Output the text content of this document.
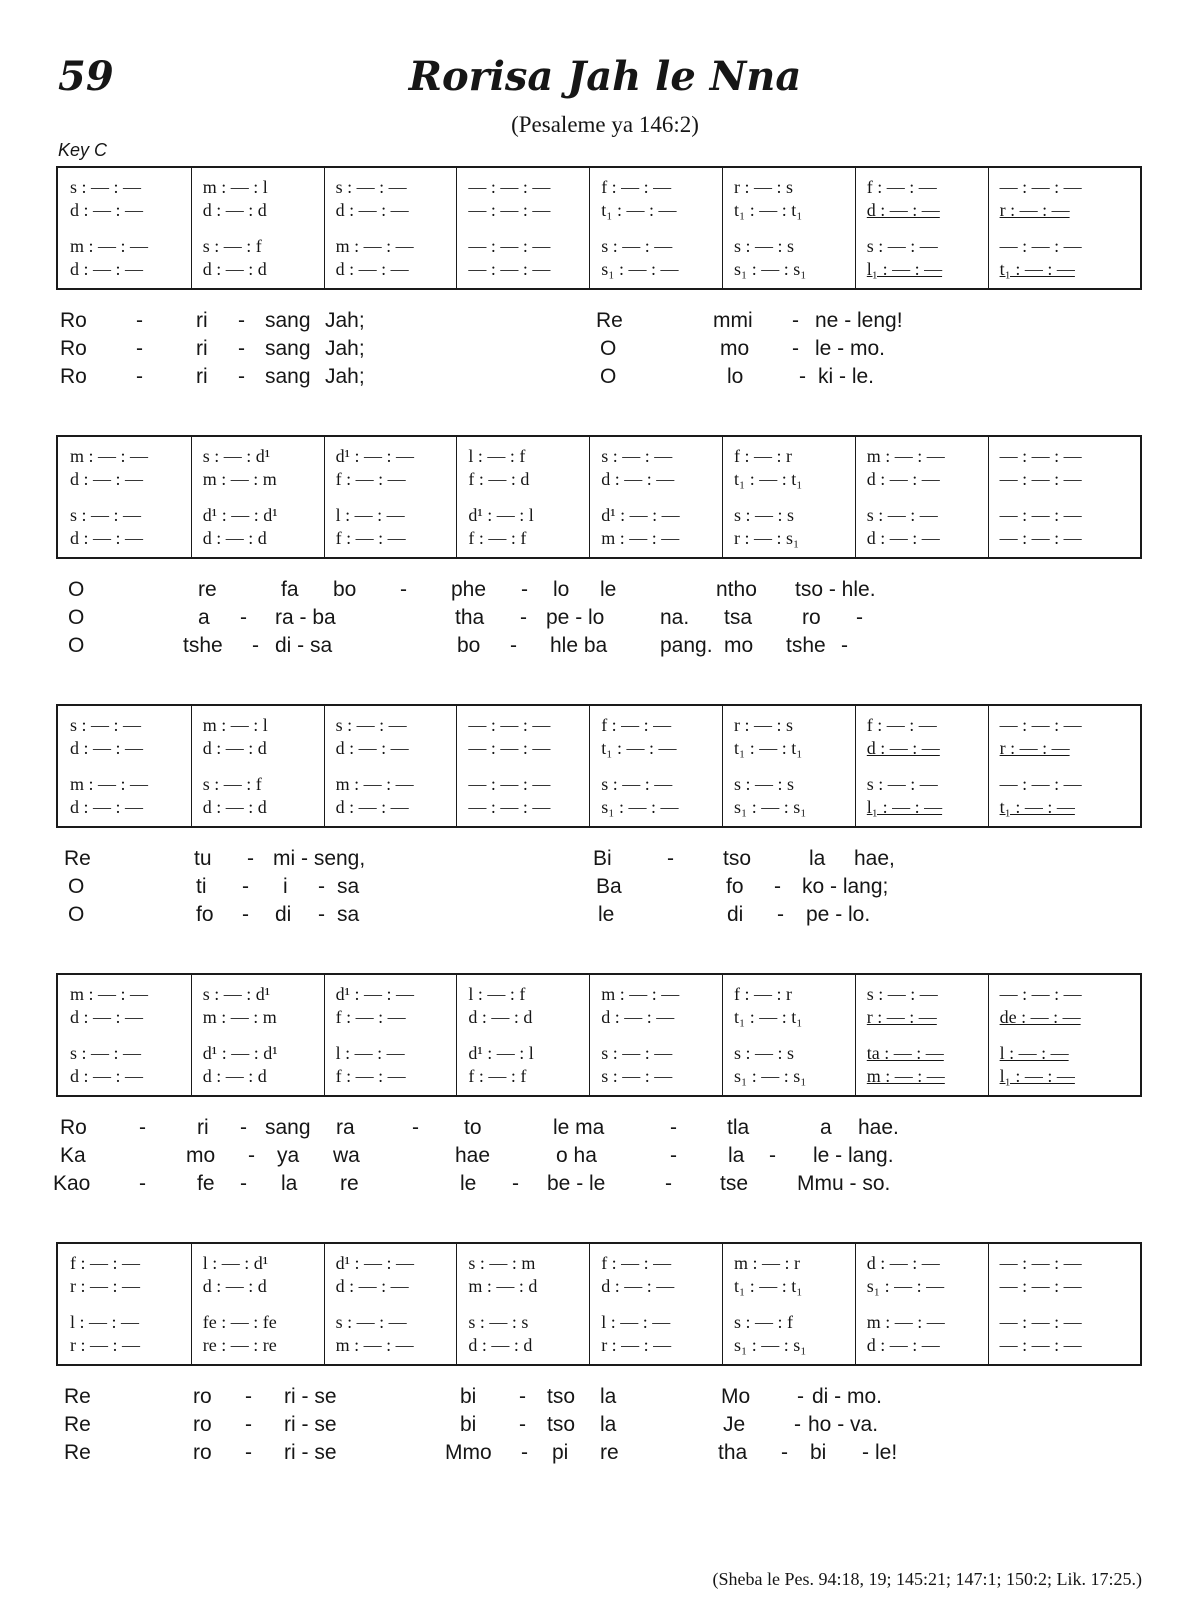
59	Rorisa Jah le Nna
(Pesaleme ya 146:2)
Key C
s : — : —	m : — : l	s : — : —	— : — : —	f : — : —	r : — : s	f : — : —	— : — : —
d : — : —	d : — : d	d : — : —	— : — : —	t₁ : — : —	t₁ : — : t₁	d : — : —	r : — : —
m : — : —	s : — : f	m : — : —	— : — : —	s : — : —	s : — : s	s : — : —	— : — : —
d : — : —	d : — : d	d : — : —	— : — : —	s₁ : — : —	s₁ : — : s₁	l₁ : — : —	t₁ : — : —
Ro -	ri - sang Jah;	Re	mmi - ne - leng!
Ro -	ri - sang Jah;	O	mo - le - mo.
Ro -	ri - sang Jah;	O	lo	- ki - le.
m : — : —	s : — : d¹	d¹ : — : —	l : — : f	s : — : —	f : — : r	m : — : —	— : — : —
d : — : —	m : — : m	f : — : —	f : — : d	d : — : —	t₁ : — : t₁	d : — : —	— : — : —
s : — : —	d¹ : — : d¹	l : — : —	d¹ : — : l	d¹ : — : —	s : — : s	s : — : —	— : — : —
d : — : —	d : — : d	f : — : —	f : — : f	m : — : —	r : — : s₁	d : — : —	— : — : —
O	re	fa bo - phe - lo le	ntho tso - hle.
O	a - ra - ba	tha - pe - lo	tsa ro -
na.
O	tshe - di - sa	bo - hle ba	mo tshe -
pang.
s : — : —	m : — : l	s : — : —	— : — : —	f : — : —	r : — : s	f : — : —	— : — : —
d : — : —	d : — : d	d : — : —	— : — : —	t₁ : — : —	t₁ : — : t₁	d : — : —	r : — : —
m : — : —	s : — : f	m : — : —	— : — : —	s : — : —	s : — : s	s : — : —	— : — : —
d : — : —	d : — : d	d : — : —	— : — : —	s₁ : — : —	s₁ : — : s₁	l₁ : — : —	t₁ : — : —
Re	tu - mi - seng,	Bi	- tso	la hae,
O	ti - i - sa	Ba	fo - ko - lang;
O	fo - di - sa	le	di - pe - lo.
m : — : —	s : — : d¹	d¹ : — : —	l : — : f	m : — : —	f : — : r	s : — : —	— : — : —
d : — : —	m : — : m	f : — : —	d : — : d	d : — : —	t₁ : — : t₁	r : — : —	de : — : —
s : — : —	d¹ : — : d¹	l : — : —	d¹ : — : l	s : — : —	s : — : s	ta : — : —	l : — : —
d : — : —	d : — : d	f : — : —	f : — : f	s : — : —	s₁ : — : s₁	m : — : —	l₁ : — : —
Ro - ri - sang ra	- to	le ma	- tla	a hae.
Ka	mo - ya wa	hae	o ha	- la - le - lang.
Kao - fe - la re	le - be - le	- tse Mmu - so.
f : — : —	l : — : d¹	d¹ : — : —	s : — : m	f : — : —	m : — : r	d : — : —	— : — : —
r : — : —	d : — : d	d : — : —	m : — : d	d : — : —	t₁ : — : t₁	s₁ : — : —	— : — : —
l : — : —	fe : — : fe	s : — : —	s : — : s	l : — : —	s : — : f	m : — : —	— : — : —
r : — : —	re : — : re	m : — : —	d : — : d	r : — : —	s₁ : — : s₁	d : — : —	— : — : —
Re	ro - ri - se	bi - tso la	Mo - di - mo.
Re	ro - ri - se	bi - tso la	Je - ho - va.
Re	ro - ri - se	Mmo - pi re	tha - bi - le!
(Sheba le Pes. 94:18, 19; 145:21; 147:1; 150:2; Lik. 17:25.)
